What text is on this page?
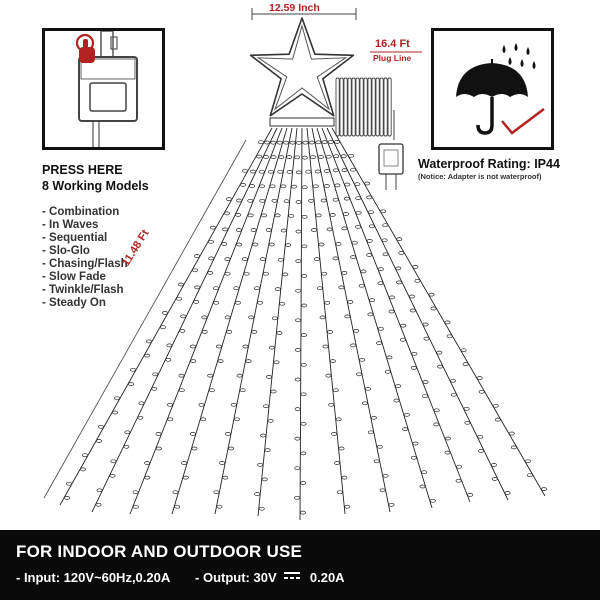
PRESS HERE
8 Working Models
- Combination
- In Waves
- Sequential
- Slo-Glo
- Chasing/Flash
- Slow Fade
- Twinkle/Flash
- Steady On
Waterproof Rating: IP44
(Notice: Adapter is not waterproof)
12.59 Inch
16.4 Ft
Plug Line
11.48 Ft
FOR INDOOR AND OUTDOOR USE
- Input: 120V~60Hz,0.20A - Output: 30V	0.20A
